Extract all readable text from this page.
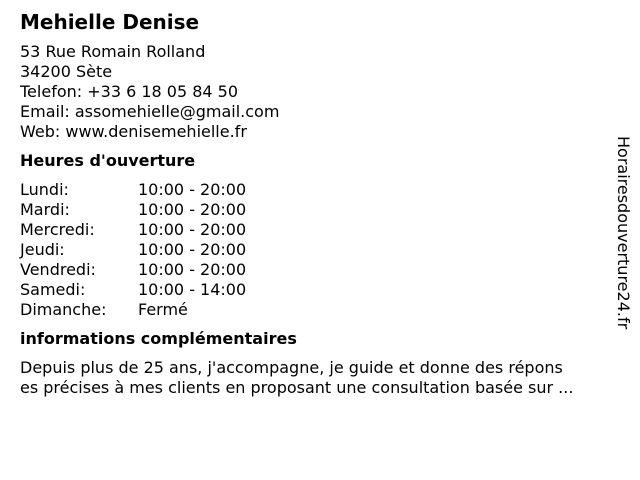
Mehielle Denise
53 Rue Romain Rolland
34200 Sète
Telefon: +33 6 18 05 84 50
Email: assomehielle@gmail.com
Web: www.denisemehielle.fr
Heures d'ouverture
Lundi:	10:00 - 20:00
Mardi:	10:00 - 20:00
Mercredi:	10:00 - 20:00
Jeudi:	10:00 - 20:00
Vendredi:	10:00 - 20:00
Samedi:	10:00 - 14:00
Dimanche:	Fermé
informations complémentaires
Depuis plus de 25 ans, j'accompagne, je guide et donne des répons
es précises à mes clients en proposant une consultation basée sur ...
Horairesdouverture24.fr
